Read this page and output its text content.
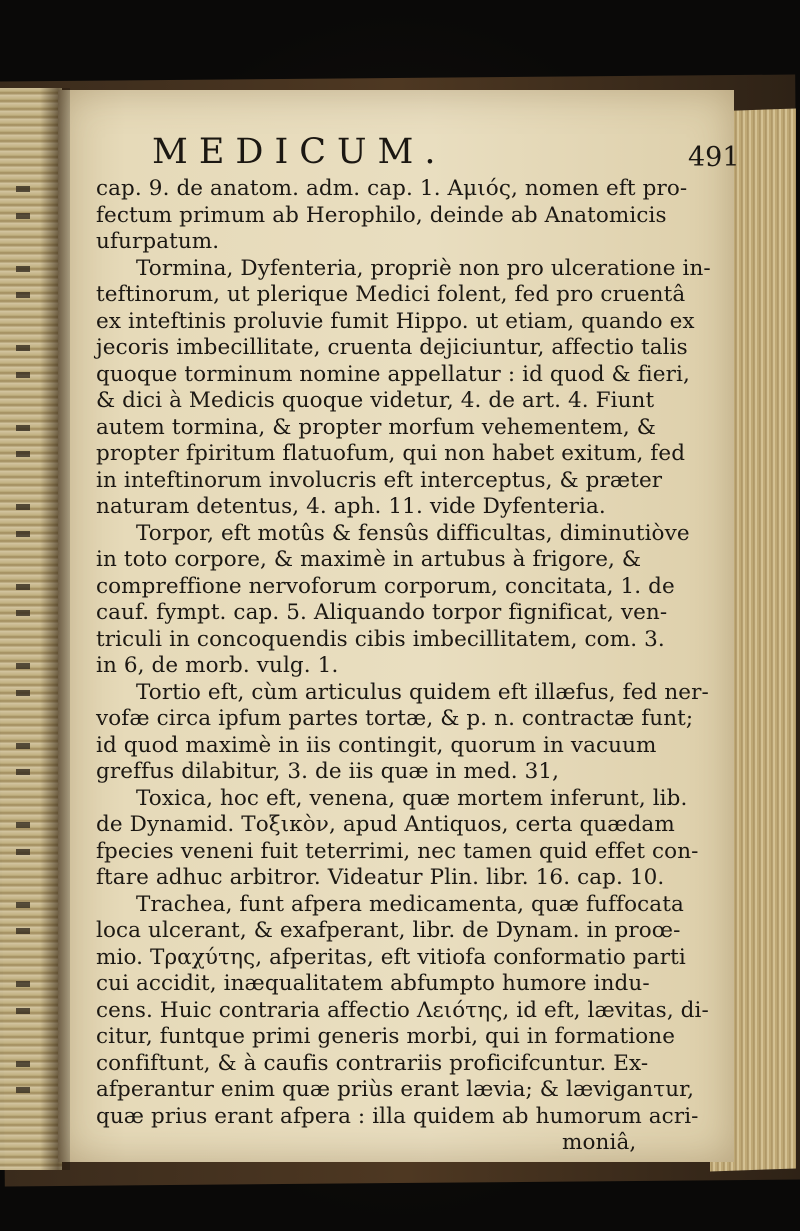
MEDICUM.	491
cap. 9. de anatom. adm. cap. 1. Αμιός, nomen eft pro-
fectum primum ab Herophilo, deinde ab Anatomicis
ufurpatum.
Tormina, Dyfenteria, propriè non pro ulceratione in-
teftinorum, ut plerique Medici folent, fed pro cruentâ
ex inteftinis proluvie fumit Hippo. ut etiam, quando ex
jecoris imbecillitate, cruenta dejiciuntur, affectio talis
quoque torminum nomine appellatur : id quod & fieri,
& dici à Medicis quoque videtur, 4. de art. 4. Fiunt
autem tormina, & propter morfum vehementem, &
propter fpiritum flatuofum, qui non habet exitum, fed
in inteftinorum involucris eft interceptus, & præter
naturam detentus, 4. aph. 11. vide Dyfenteria.
Torpor, eft motûs & fensûs difficultas, diminutiòve
in toto corpore, & maximè in artubus à frigore, &
compreffione nervoforum corporum, concitata, 1. de
cauf. fympt. cap. 5. Aliquando torpor fignificat, ven-
triculi in concoquendis cibis imbecillitatem, com. 3.
in 6, de morb. vulg. 1.
Tortio eft, cùm articulus quidem eft illæfus, fed ner-
vofæ circa ipfum partes tortæ, & p. n. contractæ funt;
id quod maximè in iis contingit, quorum in vacuum
greffus dilabitur, 3. de iis quæ in med. 31,
Toxica, hoc eft, venena, quæ mortem inferunt, lib.
de Dynamid. Τοξικὸν, apud Antiquos, certa quædam
fpecies veneni fuit teterrimi, nec tamen quid effet con-
ftare adhuc arbitror. Videatur Plin. libr. 16. cap. 10.
Trachea, funt afpera medicamenta, quæ fuffocata
loca ulcerant, & exafperant, libr. de Dynam. in proœ-
mio. Τραχύτης, afperitas, eft vitiofa conformatio parti
cui accidit, inæqualitatem abfumpto humore indu-
cens. Huic contraria affectio Λειότης, id eft, lævitas, di-
citur, funtque primi generis morbi, qui in formatione
confiftunt, & à caufis contrariis proficifcuntur. Ex-
afperantur enim quæ priùs erant lævia; & læviganτur,
quæ prius erant afpera : illa quidem ab humorum acri-
moniâ,
